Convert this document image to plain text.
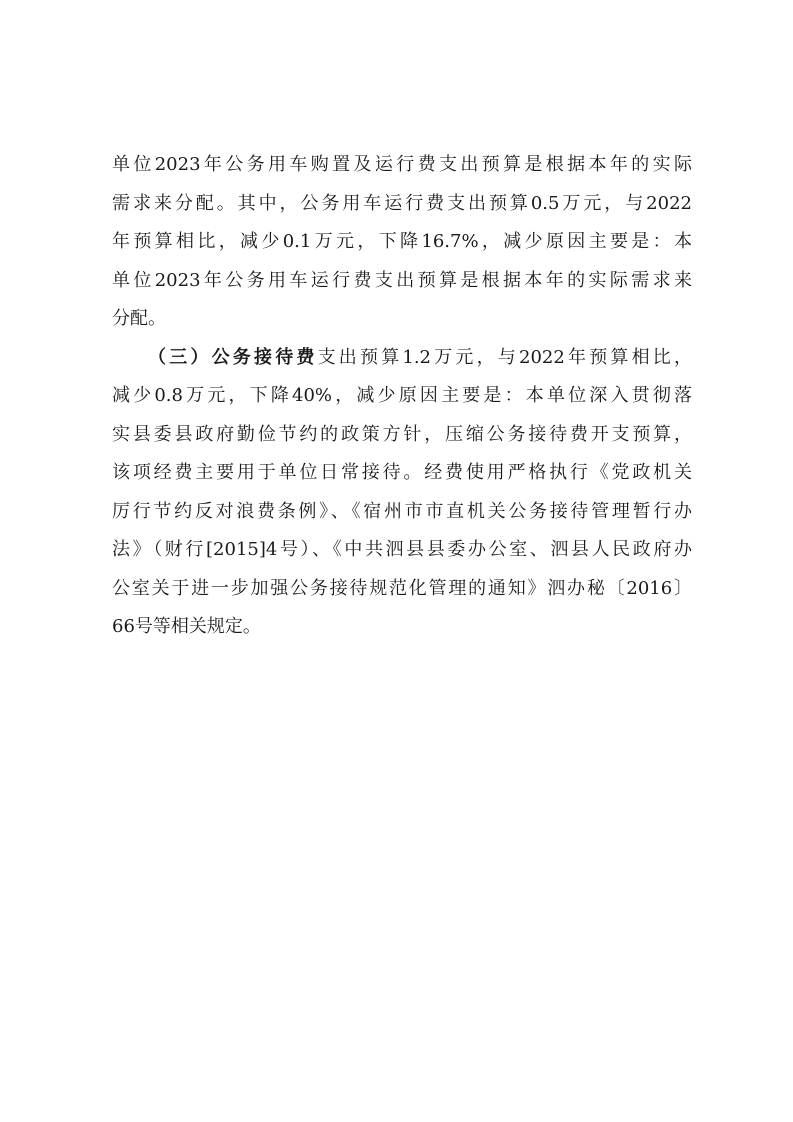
单位2023年公务用车购置及运行费支出预算是根据本年的实际
需求来分配。其中，公务用车运行费支出预算0.5万元，与2022
年预算相比，减少0.1万元，下降16.7%，减少原因主要是：本
单位2023年公务用车运行费支出预算是根据本年的实际需求来
分配。
（三）公务接待费支出预算1.2万元，与2022年预算相比，
减少0.8万元，下降40%，减少原因主要是：本单位深入贯彻落
实县委县政府勤俭节约的政策方针，压缩公务接待费开支预算，
该项经费主要用于单位日常接待。经费使用严格执行《党政机关
厉行节约反对浪费条例》、《宿州市市直机关公务接待管理暂行办
法》（财行[2015]4号）、《中共泗县县委办公室、泗县人民政府办
公室关于进一步加强公务接待规范化管理的通知》泗办秘〔2016〕
66号等相关规定。
